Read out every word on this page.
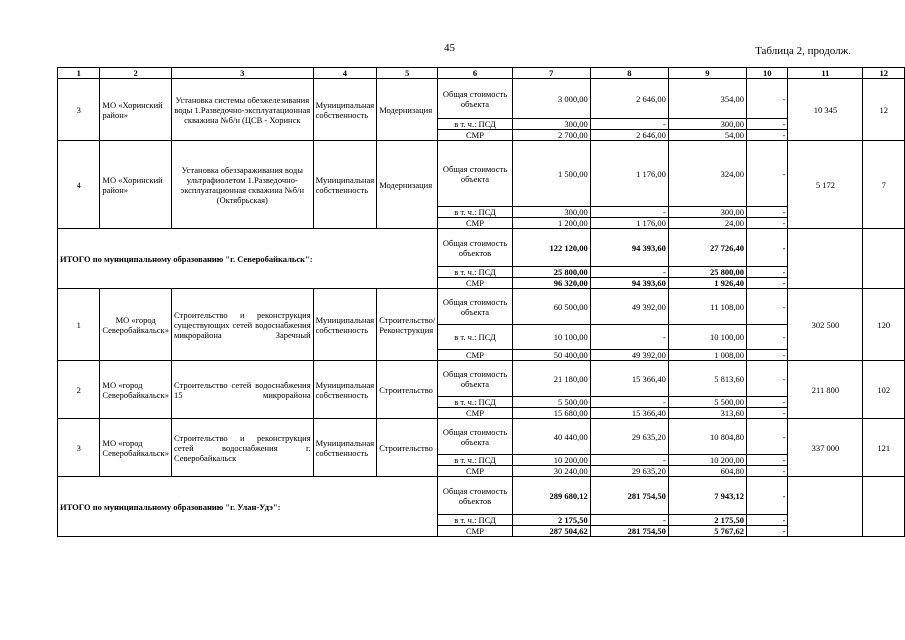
45	Таблица 2, продолж.
1	2	3	4	5	6	7	8	9	10	11	12
3	МО «Хоринский район»	Установка системы обезжелезивания воды 1.Разведочно-эксплуатационная скважина №б/н (ЦСВ - Хоринск	Муниципальная собственность	Модернизация	Общая стоимость объекта	3 000,00	2 646,00	354,00	-	10 345	12
					в т. ч.: ПСД	300,00	-	300,00	-		
					СМР	2 700,00	2 646,00	54,00	-		
4	МО «Хоринский район»	Установка обеззараживания воды ультрафиолетом 1.Разведочно-эксплуатационная скважина №б/н (Октябрьская)	Муниципальная собственность	Модернизация	Общая стоимость объекта	1 500,00	1 176,00	324,00	-	5 172	7
					в т. ч.: ПСД	300,00	-	300,00	-		
					СМР	1 200,00	1 176,00	24,00	-		
ИТОГО по муниципальному образованию "г. Северобайкальск":					Общая стоимость объектов	122 120,00	94 393,60	27 726,40	-		
					в т. ч.: ПСД	25 800,00	-	25 800,00	-		
					СМР	96 320,00	94 393,60	1 926,40	-		
1	МО «город Северобайкальск»	Строительство и реконструкция существующих сетей водоснабжения микрорайона Заречный	Муниципальная собственность	Строительство/ Реконструкция	Общая стоимость объекта	60 500,00	49 392,00	11 108,00	-	302 500	120
					в т. ч.: ПСД	10 100,00	-	10 100,00	-		
					СМР	50 400,00	49 392,00	1 008,00	-		
2	МО «город Северобайкальск»	Строительство сетей водоснабжения 15 микрорайона	Муниципальная собственность	Строительство	Общая стоимость объекта	21 180,00	15 366,40	5 813,60	-	211 800	102
					в т. ч.: ПСД	5 500,00	-	5 500,00	-		
					СМР	15 680,00	15 366,40	313,60	-		
3	МО «город Северобайкальск»	Строительство и реконструкция сетей водоснабжения г. Северобайкальск	Муниципальная собственность	Строительство	Общая стоимость объекта	40 440,00	29 635,20	10 804,80	-	337 000	121
					в т. ч.: ПСД	10 200,00	-	10 200,00	-		
					СМР	30 240,00	29 635,20	604,80	-		
ИТОГО по муниципальному образованию "г. Улан-Удэ":					Общая стоимость объектов	289 680,12	281 754,50	7 943,12	-		
					в т. ч.: ПСД	2 175,50	-	2 175,50	-		
					СМР	287 504,62	281 754,50	5 767,62	-		
